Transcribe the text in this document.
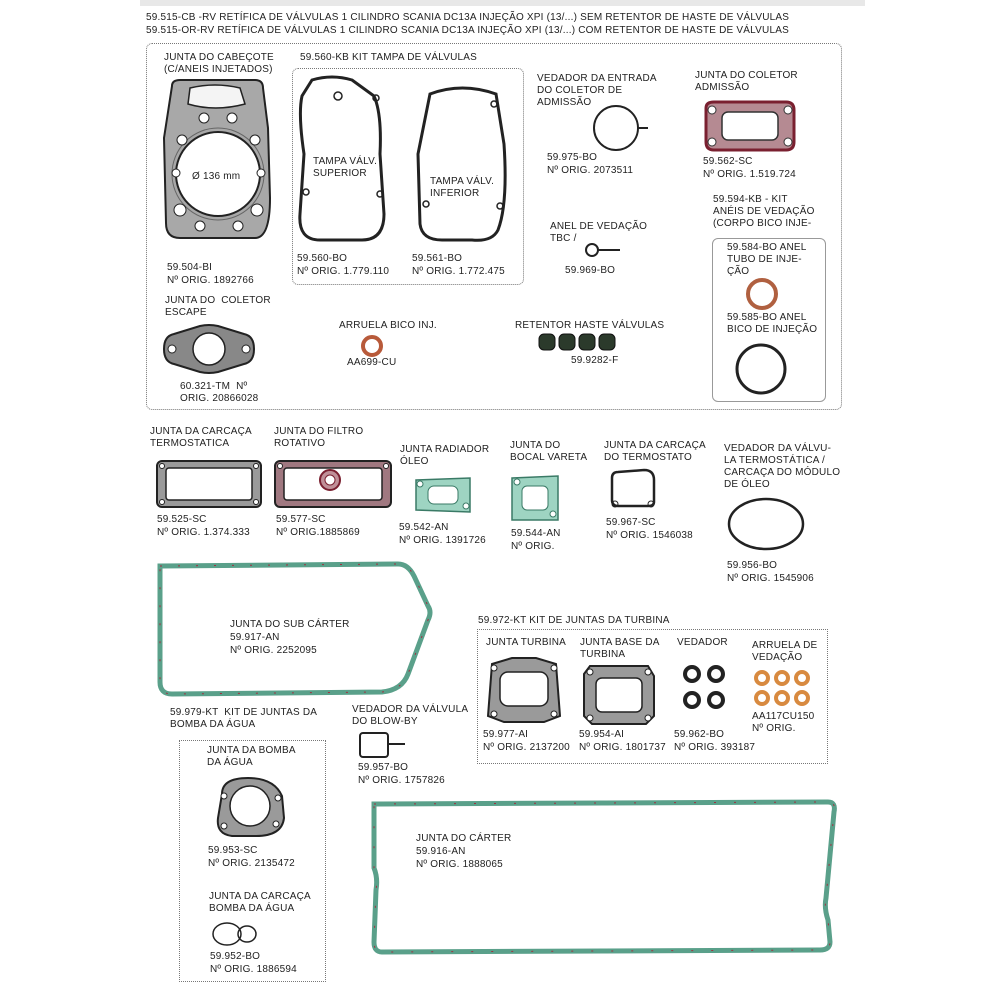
59.515-CB -RV RETÍFICA DE VÁLVULAS 1 CILINDRO SCANIA DC13A INJEÇÃO XPI (13/...) SEM RETENTOR DE HASTE DE VÁLVULAS
59.515-OR-RV RETÍFICA DE VÁLVULAS 1 CILINDRO SCANIA DC13A INJEÇÃO XPI (13/...) COM RETENTOR DE HASTE DE VÁLVULAS
JUNTA DO CABEÇOTE
(C/ANEIS INJETADOS)
Ø 136 mm
59.504-BI
Nº ORIG. 1892766
59.560-KB KIT TAMPA DE VÁLVULAS
TAMPA VÁLV.
SUPERIOR
59.560-BO
Nº ORIG. 1.779.110
TAMPA VÁLV.
INFERIOR
59.561-BO
Nº ORIG. 1.772.475
VEDADOR DA ENTRADA
DO COLETOR DE
ADMISSÃO
59.975-BO
Nº ORIG. 2073511
JUNTA DO COLETOR
ADMISSÃO
59.562-SC
Nº ORIG. 1.519.724
59.594-KB - KIT
ANÉIS DE VEDAÇÃO
(CORPO BICO INJE-
59.584-BO ANEL
TUBO DE INJE-
ÇÃO
59.585-BO ANEL
BICO DE INJEÇÃO
ANEL DE VEDAÇÃO
TBC /
59.969-BO
JUNTA DO  COLETOR
ESCAPE
60.321-TM  Nº
ORIG. 20866028
ARRUELA BICO INJ.
AA699-CU
RETENTOR HASTE VÁLVULAS
59.9282-F
JUNTA DA CARCAÇA
TERMOSTATICA
59.525-SC
Nº ORIG. 1.374.333
JUNTA DO FILTRO
ROTATIVO
59.577-SC
Nº ORIG.1885869
JUNTA RADIADOR
ÓLEO
59.542-AN
Nº ORIG. 1391726
JUNTA DO
BOCAL VARETA
59.544-AN
Nº ORIG.
JUNTA DA CARCAÇA
DO TERMOSTATO
59.967-SC
Nº ORIG. 1546038
VEDADOR DA VÁLVU-
LA TERMOSTÁTICA /
CARCAÇA DO MÓDULO
DE ÓLEO
59.956-BO
Nº ORIG. 1545906
JUNTA DO SUB CÁRTER
59.917-AN
Nº ORIG. 2252095
59.972-KT KIT DE JUNTAS DA TURBINA
JUNTA TURBINA
59.977-AI
Nº ORIG. 2137200
JUNTA BASE DA
TURBINA
59.954-AI
Nº ORIG. 1801737
VEDADOR
59.962-BO
Nº ORIG. 393187
ARRUELA DE
VEDAÇÃO
AA117CU150
Nº ORIG.
59.979-KT  KIT DE JUNTAS DA
BOMBA DA ÁGUA
JUNTA DA BOMBA
DA ÁGUA
59.953-SC
Nº ORIG. 2135472
JUNTA DA CARCAÇA
BOMBA DA ÁGUA
59.952-BO
Nº ORIG. 1886594
VEDADOR DA VÁLVULA
DO BLOW-BY
59.957-BO
Nº ORIG. 1757826
JUNTA DO CÁRTER
59.916-AN
Nº ORIG. 1888065
